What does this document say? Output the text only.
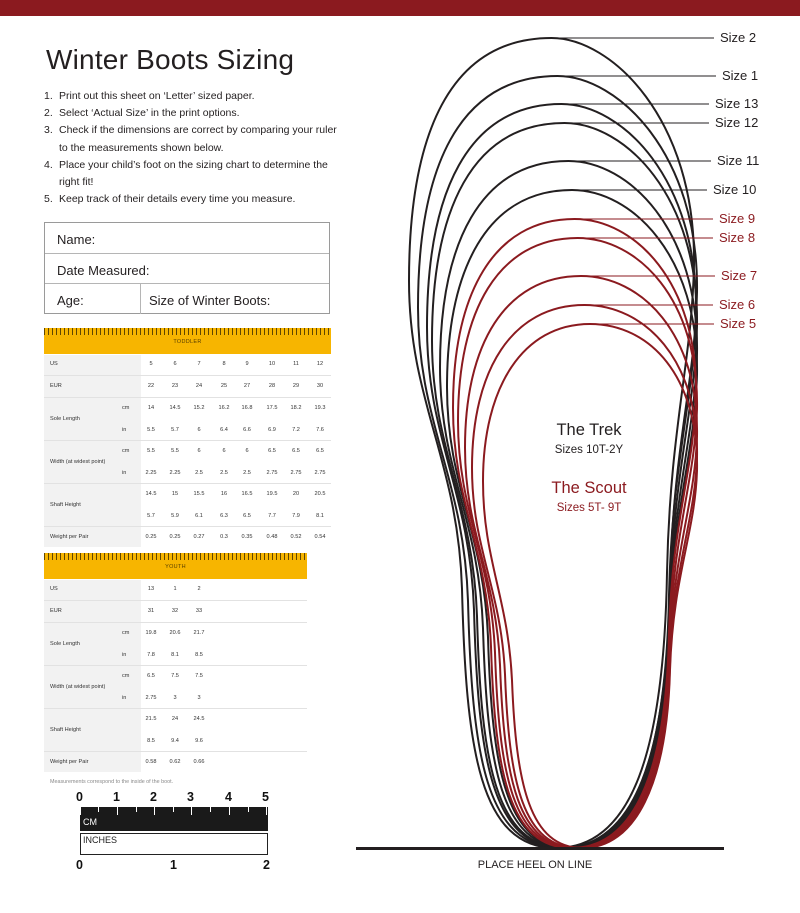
Winter Boots Sizing
1. Print out this sheet on ‘Letter’ sized paper.
2. Select ‘Actual Size’ in the print options.
3. Check if the dimensions are correct by comparing your ruler to the measurements shown below.
4. Place your child’s foot on the sizing chart to determine the right fit!
5. Keep track of their details every time you measure.
Name:
Date Measured:
Age:	Size of Winter Boots:
TODDLER
US	5	6	7	8	9	10	11	12
EUR	22	23	24	25	27	28	29	30
Sole Length
cm	14	14.5	15.2	16.2	16.8	17.5	18.2	19.3
in	5.5	5.7	6	6.4	6.6	6.9	7.2	7.6
Width (at widest point)
cm	5.5	5.5	6	6	6	6.5	6.5	6.5
in	2.25	2.25	2.5	2.5	2.5	2.75	2.75	2.75
Shaft Height
14.5	15	15.5	16	16.5	19.5	20	20.5
5.7	5.9	6.1	6.3	6.5	7.7	7.9	8.1
Weight per Pair	0.25	0.25	0.27	0.3	0.35	0.48	0.52	0.54
YOUTH
US	13	1	2
EUR	31	32	33
Sole Length
cm	19.8	20.6	21.7
in	7.8	8.1	8.5
Width (at widest point)
cm	6.5	7.5	7.5
in	2.75	3	3
Shaft Height
21.5	24	24.5
8.5	9.4	9.6
Weight per Pair	0.58	0.62	0.66
Measurements correspond to the inside of the boot.
0 1 2 3 4 5
CM
INCHES
0	1	2
Size 2
Size 1
Size 13
Size 12
Size 11
Size 10
Size 9
Size 8
Size 7
Size 6
Size 5
The Trek
Sizes 10T-2Y
The Scout
Sizes 5T- 9T
PLACE HEEL ON LINE
